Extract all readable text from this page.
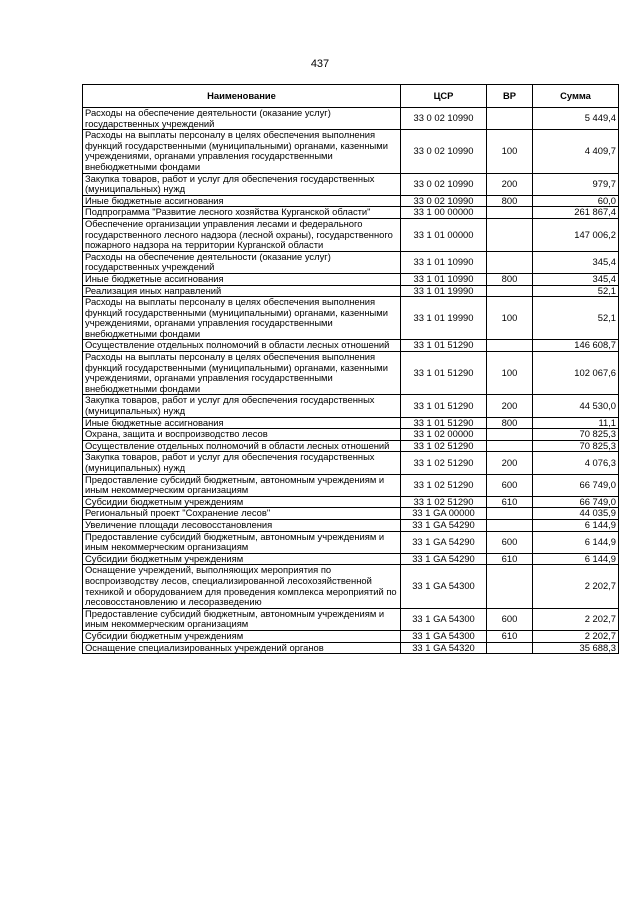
437
Наименование	ЦСР	ВР	Сумма
Расходы на обеспечение деятельности (оказание услуг) государственных учреждений	33 0 02 10990		5 449,4
Расходы на выплаты персоналу в целях обеспечения выполнения функций государственными (муниципальными) органами, казенными учреждениями, органами управления государственными внебюджетными фондами	33 0 02 10990	100	4 409,7
Закупка товаров, работ и услуг для обеспечения государственных (муниципальных) нужд	33 0 02 10990	200	979,7
Иные бюджетные ассигнования	33 0 02 10990	800	60,0
Подпрограмма "Развитие лесного хозяйства Курганской области"	33 1 00 00000		261 867,4
Обеспечение организации управления лесами и федерального государственного лесного надзора (лесной охраны), государственного пожарного надзора на территории Курганской области	33 1 01 00000		147 006,2
Расходы на обеспечение деятельности (оказание услуг) государственных учреждений	33 1 01 10990		345,4
Иные бюджетные ассигнования	33 1 01 10990	800	345,4
Реализация иных направлений	33 1 01 19990		52,1
Расходы на выплаты персоналу в целях обеспечения выполнения функций государственными (муниципальными) органами, казенными учреждениями, органами управления государственными внебюджетными фондами	33 1 01 19990	100	52,1
Осуществление отдельных полномочий в области лесных отношений	33 1 01 51290		146 608,7
Расходы на выплаты персоналу в целях обеспечения выполнения функций государственными (муниципальными) органами, казенными учреждениями, органами управления государственными внебюджетными фондами	33 1 01 51290	100	102 067,6
Закупка товаров, работ и услуг для обеспечения государственных (муниципальных) нужд	33 1 01 51290	200	44 530,0
Иные бюджетные ассигнования	33 1 01 51290	800	11,1
Охрана, защита и воспроизводство лесов	33 1 02 00000		70 825,3
Осуществление отдельных полномочий в области лесных отношений	33 1 02 51290		70 825,3
Закупка товаров, работ и услуг для обеспечения государственных (муниципальных) нужд	33 1 02 51290	200	4 076,3
Предоставление субсидий бюджетным, автономным учреждениям и иным некоммерческим организациям	33 1 02 51290	600	66 749,0
Субсидии бюджетным учреждениям	33 1 02 51290	610	66 749,0
Региональный проект "Сохранение лесов"	33 1 GA 00000		44 035,9
Увеличение площади лесовосстановления	33 1 GA 54290		6 144,9
Предоставление субсидий бюджетным, автономным учреждениям и иным некоммерческим организациям	33 1 GA 54290	600	6 144,9
Субсидии бюджетным учреждениям	33 1 GA 54290	610	6 144,9
Оснащение учреждений, выполняющих мероприятия по воспроизводству лесов, специализированной лесохозяйственной техникой и оборудованием для проведения комплекса мероприятий по лесовосстановлению и лесоразведению	33 1 GA 54300		2 202,7
Предоставление субсидий бюджетным, автономным учреждениям и иным некоммерческим организациям	33 1 GA 54300	600	2 202,7
Субсидии бюджетным учреждениям	33 1 GA 54300	610	2 202,7
Оснащение специализированных учреждений органов	33 1 GA 54320		35 688,3
